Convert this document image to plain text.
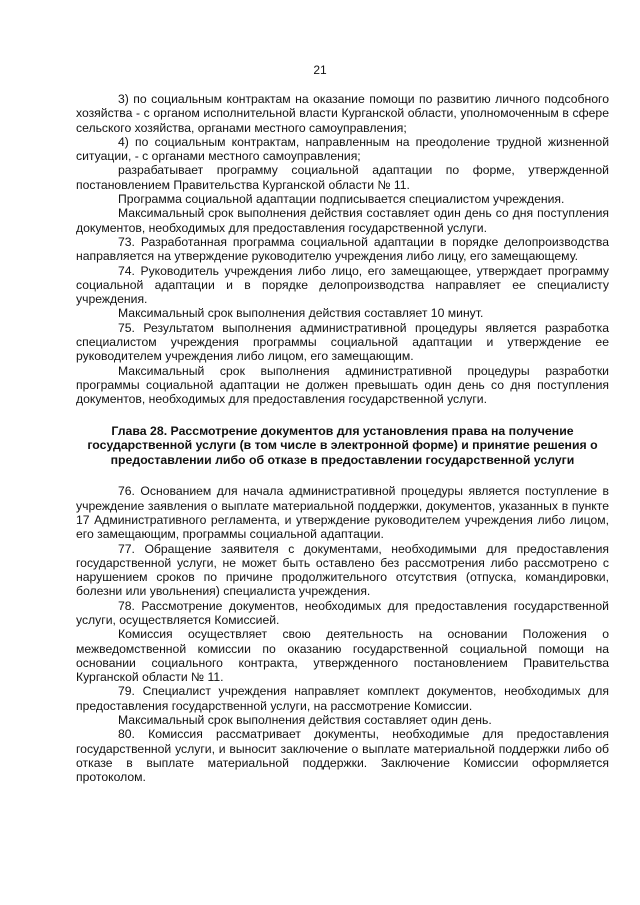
21

3) по социальным контрактам на оказание помощи по развитию личного подсобного хозяйства - с органом исполнительной власти Курганской области, уполномоченным в сфере сельского хозяйства, органами местного самоуправления;

4) по социальным контрактам, направленным на преодоление трудной жизненной ситуации, - с органами местного самоуправления;

разрабатывает программу социальной адаптации по форме, утвержденной постановлением Правительства Курганской области № 11.

Программа социальной адаптации подписывается специалистом учреждения.

Максимальный срок выполнения действия составляет один день со дня поступления документов, необходимых для предоставления государственной услуги.

73. Разработанная программа социальной адаптации в порядке делопроизводства направляется на утверждение руководителю учреждения либо лицу, его замещающему.

74. Руководитель учреждения либо лицо, его замещающее, утверждает программу социальной адаптации и в порядке делопроизводства направляет ее специалисту учреждения.

Максимальный срок выполнения действия составляет 10 минут.

75. Результатом выполнения административной процедуры является разработка специалистом учреждения программы социальной адаптации и утверждение ее руководителем учреждения либо лицом, его замещающим.

Максимальный срок выполнения административной процедуры разработки программы социальной адаптации не должен превышать один день со дня поступления документов, необходимых для предоставления государственной услуги.

Глава 28. Рассмотрение документов для установления права на получение государственной услуги (в том числе в электронной форме) и принятие решения о предоставлении либо об отказе в предоставлении государственной услуги

76. Основанием для начала административной процедуры является поступление в учреждение заявления о выплате материальной поддержки, документов, указанных в пункте 17 Административного регламента, и утверждение руководителем учреждения либо лицом, его замещающим, программы социальной адаптации.

77. Обращение заявителя с документами, необходимыми для предоставления государственной услуги, не может быть оставлено без рассмотрения либо рассмотрено с нарушением сроков по причине продолжительного отсутствия (отпуска, командировки, болезни или увольнения) специалиста учреждения.

78. Рассмотрение документов, необходимых для предоставления государственной услуги, осуществляется Комиссией.

Комиссия осуществляет свою деятельность на основании Положения о межведомственной комиссии по оказанию государственной социальной помощи на основании социального контракта, утвержденного постановлением Правительства Курганской области № 11.

79. Специалист учреждения направляет комплект документов, необходимых для предоставления государственной услуги, на рассмотрение Комиссии.

Максимальный срок выполнения действия составляет один день.

80. Комиссия рассматривает документы, необходимые для предоставления государственной услуги, и выносит заключение о выплате материальной поддержки либо об отказе в выплате материальной поддержки. Заключение Комиссии оформляется протоколом.
